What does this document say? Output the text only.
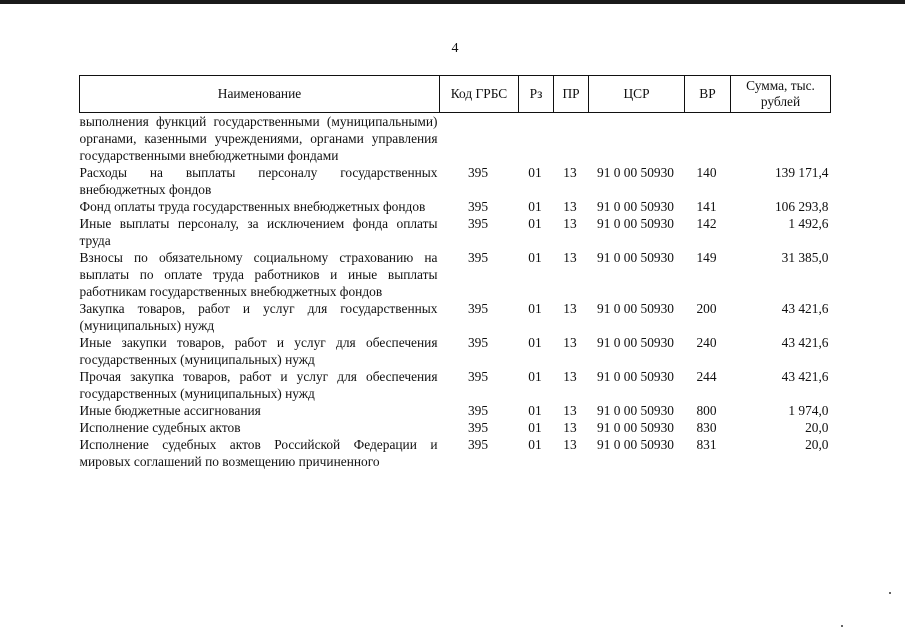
4
Наименование	Код ГРБС	Рз	ПР	ЦСР	ВР	Сумма, тыс. рублей
выполнения функций государственными (муниципальными) органами, казенными учреждениями, органами управления государственными внебюджетными фондами						
Расходы на выплаты персоналу государственных внебюджетных фондов	395	01	13	91 0 00 50930	140	139 171,4
Фонд оплаты труда государственных внебюджетных фондов	395	01	13	91 0 00 50930	141	106 293,8
Иные выплаты персоналу, за исключением фонда оплаты труда	395	01	13	91 0 00 50930	142	1 492,6
Взносы по обязательному социальному страхованию на выплаты по оплате труда работников и иные выплаты работникам государственных внебюджетных фондов	395	01	13	91 0 00 50930	149	31 385,0
Закупка товаров, работ и услуг для государственных (муниципальных) нужд	395	01	13	91 0 00 50930	200	43 421,6
Иные закупки товаров, работ и услуг для обеспечения государственных (муниципальных) нужд	395	01	13	91 0 00 50930	240	43 421,6
Прочая закупка товаров, работ и услуг для обеспечения государственных (муниципальных) нужд	395	01	13	91 0 00 50930	244	43 421,6
Иные бюджетные ассигнования	395	01	13	91 0 00 50930	800	1 974,0
Исполнение судебных актов	395	01	13	91 0 00 50930	830	20,0
Исполнение судебных актов Российской Федерации и мировых соглашений по возмещению причиненного	395	01	13	91 0 00 50930	831	20,0
